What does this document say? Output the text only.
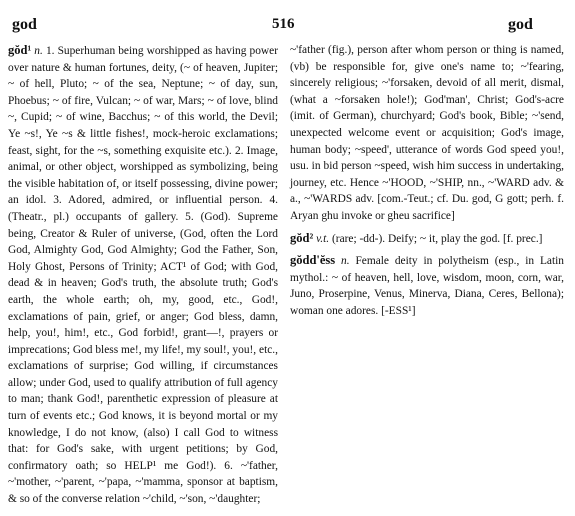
god	516	god

gŏd¹ n. 1. Superhuman being worshipped as having power over nature & human fortunes, deity, (~ of heaven, Jupiter; ~ of hell, Pluto; ~ of the sea, Neptune; ~ of day, sun, Phoebus; ~ of fire, Vulcan; ~ of war, Mars; ~ of love, blind ~, Cupid; ~ of wine, Bacchus; ~ of this world, the Devil; Ye ~s!, Ye ~s & little fishes!, mock-heroic exclamations; feast, sight, for the ~s, something exquisite etc.). 2. Image, animal, or other object, worshipped as symbolizing, being the visible habitation of, or itself possessing, divine power; an idol. 3. Adored, admired, or influential person. 4. (Theatr., pl.) occupants of gallery. 5. (God). Supreme being, Creator & Ruler of universe, (God, often the Lord God, Almighty God, God Almighty; God the Father, Son, Holy Ghost, Persons of Trinity; ACT¹ of God; with God, dead & in heaven; God's truth, the absolute truth; God's earth, the whole earth; oh, my, good, etc., God!, exclamations of pain, grief, or anger; God bless, damn, help, you!, him!, etc., God forbid!, grant—!, prayers or imprecations; God bless me!, my life!, my soul!, you!, etc., exclamations of surprise; God willing, if circumstances allow; under God, used to qualify attribution of full agency to man; thank God!, parenthetic expression of pleasure at turn of events etc.; God knows, it is beyond mortal or my knowledge, I do not know, (also) I call God to witness that: for God's sake, with urgent petitions; by God, confirmatory oath; so HELP¹ me God!). 6. ~'father, ~'mother, ~'parent, ~'papa, ~'mamma, sponsor at baptism, & so of the converse relation ~'child, ~'son, ~'daughter;

~'father (fig.), person after whom person or thing is named, (vb) be responsible for, give one's name to; ~'fearing, sincerely religious; ~'forsaken, devoid of all merit, dismal, (what a ~forsaken hole!); God'man', Christ; God's-acre (imit. of German), churchyard; God's book, Bible; ~'send, unexpected welcome event or acquisition; God's image, human body; ~speed', utterance of words God speed you!, usu. in bid person ~speed, wish him success in undertaking, journey, etc. Hence ~'HOOD, ~'SHIP, nn., ~'WARD adv. & a., ~'WARDS adv. [com.-Teut.; cf. Du. god, G gott; perh. f. Aryan ghu invoke or gheu sacrifice]

gŏd² v.t. (rare; -dd-). Deify; ~ it, play the god. [f. prec.]

gŏdd'ĕss n. Female deity in polytheism (esp., in Latin mythol.: ~ of heaven, hell, love, wisdom, moon, corn, war, Juno, Proserpine, Venus, Minerva, Diana, Ceres, Bellona); woman one adores. [-ESS¹]
